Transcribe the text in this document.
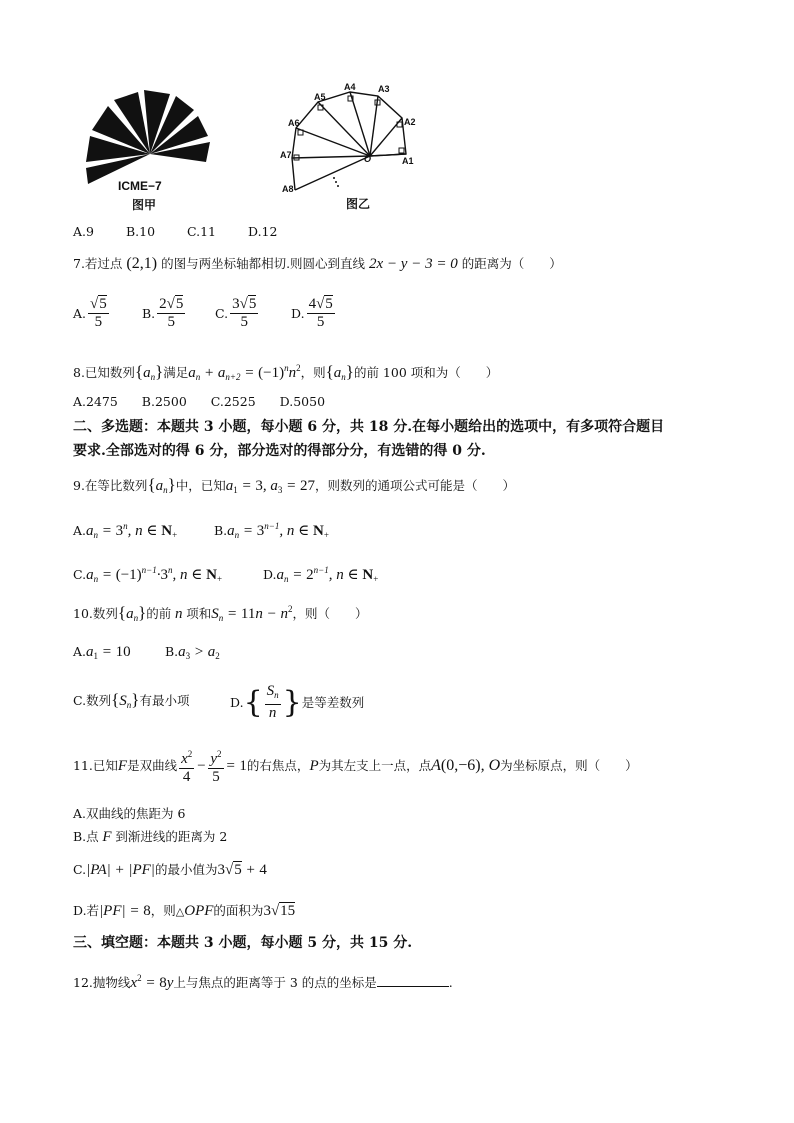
ICME−7
图甲
A1
A2
A3
A4
A5
A6
A7
A8
O
图乙
A.9	B.10	C.11	D.12
7.若过点 (2,1) 的图与两坐标轴都相切.则圆心到直线 2x − y − 3 = 0 的距离为（　　）
A. $\frac{√5}{5}$	B. $\frac{2√5}{5} C$. $\frac{3√5}{5}$	D. $\frac{4√5}{5}$
8.已知数列$\{a_n\}$满足$a_n + a_{n+2} = (-1)^nn^2$，则$\{a_n\}$的前 100 项和为（　　）
A.2475 B.2500 C.2525 D.5050
二、多选题：本题共 3 小题，每小题 6 分，共 18 分.在每小题给出的选项中，有多项符合题目
要求.全部选对的得 6 分，部分选对的得部分分，有选错的得 0 分.
9.在等比数列$\{a_n\}$中，已知$a_1 = 3$, $a_3 = 27$，则数列的通项公式可能是（　　）
$A.a_n = 3^n$, n ∈ $N_+$	$B.a_n = 3^{n-1}$, n ∈ $N_+$
$C.a_n = (-1)^{n-1}\cdot 3^n$, n ∈ $N_+$	$D.a_n = 2^{n-1}$, n ∈ $N_+$
10.数列$\{a_n\}$的前 n 项和$S_n = 11n - n^2$，则（　　）
$A.a_1 = 10$	$B.a_3 > a_2$
C.数列$\{S_n\}$有最小项	D. { $\frac{S_n}{n}$ } 是等差数列
11.已知 F 是双曲线 $\frac{x^2}{4} - \frac{y^2}{5} = 1$ 的右焦点， P 为其左支上一点，点 A(0,−6), O 为坐标原点，则（　　）
A.双曲线的焦距为 6
B.点 F 到渐进线的距离为 2
C.|PA| + |PF|的最小值为3√5 + 4
D.若|PF| = 8，则△OPF的面积为3√15
三、填空题：本题共 3 小题，每小题 5 分，共 15 分.
12.抛物线$x^2 = 8y$上与焦点的距离等于 3 的点的坐标是	.
